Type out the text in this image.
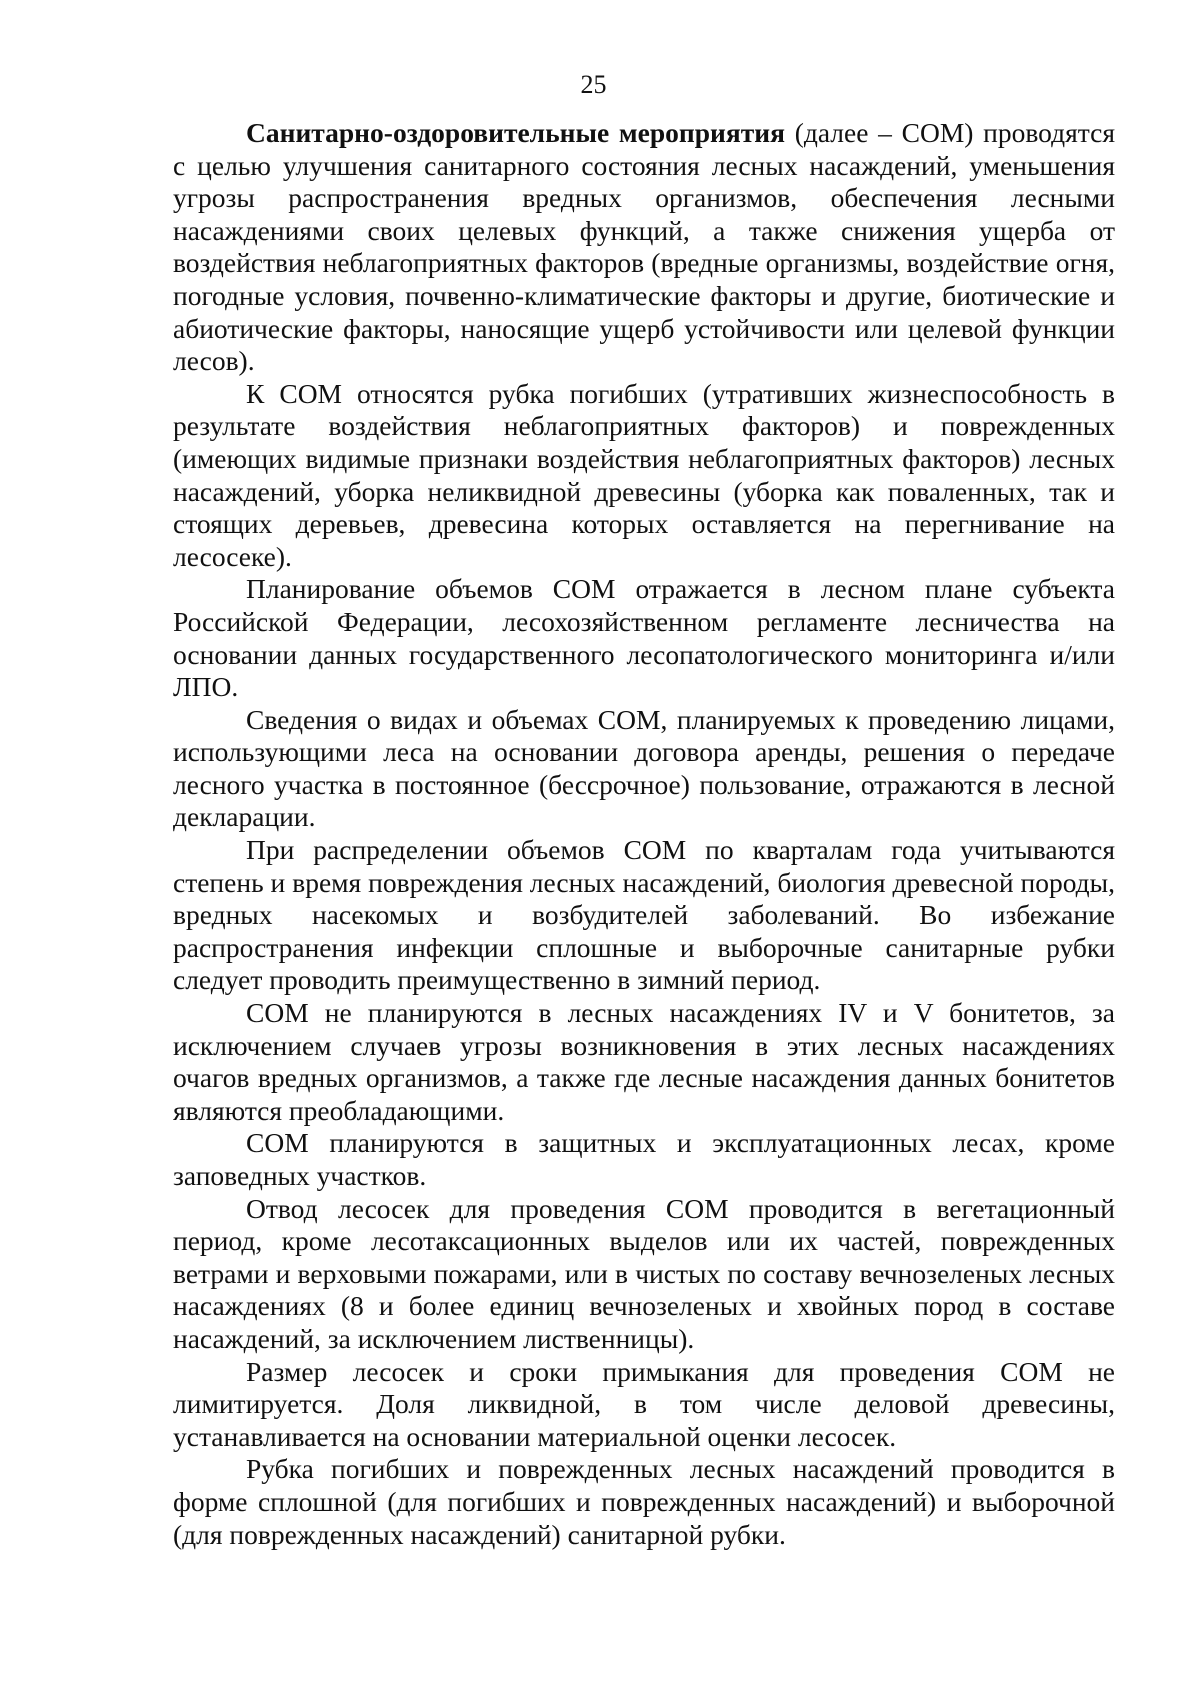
25

Санитарно-оздоровительные мероприятия (далее – СОМ) проводятся с целью улучшения санитарного состояния лесных насаждений, уменьшения угрозы распространения вредных организмов, обеспечения лесными насаждениями своих целевых функций, а также снижения ущерба от воздействия неблагоприятных факторов (вредные организмы, воздействие огня, погодные условия, почвенно-климатические факторы и другие, биотические и абиотические факторы, наносящие ущерб устойчивости или целевой функции лесов).

К СОМ относятся рубка погибших (утративших жизнеспособность в результате воздействия неблагоприятных факторов) и поврежденных (имеющих видимые признаки воздействия неблагоприятных факторов) лесных насаждений, уборка неликвидной древесины (уборка как поваленных, так и стоящих деревьев, древесина которых оставляется на перегнивание на лесосеке).

Планирование объемов СОМ отражается в лесном плане субъекта Российской Федерации, лесохозяйственном регламенте лесничества на основании данных государственного лесопатологического мониторинга и/или ЛПО.

Сведения о видах и объемах СОМ, планируемых к проведению лицами, использующими леса на основании договора аренды, решения о передаче лесного участка в постоянное (бессрочное) пользование, отражаются в лесной декларации.

При распределении объемов СОМ по кварталам года учитываются степень и время повреждения лесных насаждений, биология древесной породы, вредных насекомых и возбудителей заболеваний. Во избежание распространения инфекции сплошные и выборочные санитарные рубки следует проводить преимущественно в зимний период.

СОМ не планируются в лесных насаждениях IV и V бонитетов, за исключением случаев угрозы возникновения в этих лесных насаждениях очагов вредных организмов, а также где лесные насаждения данных бонитетов являются преобладающими.

СОМ планируются в защитных и эксплуатационных лесах, кроме заповедных участков.

Отвод лесосек для проведения СОМ проводится в вегетационный период, кроме лесотаксационных выделов или их частей, поврежденных ветрами и верховыми пожарами, или в чистых по составу вечнозеленых лесных насаждениях (8 и более единиц вечнозеленых и хвойных пород в составе насаждений, за исключением лиственницы).

Размер лесосек и сроки примыкания для проведения СОМ не лимитируется. Доля ликвидной, в том числе деловой древесины, устанавливается на основании материальной оценки лесосек.

Рубка погибших и поврежденных лесных насаждений проводится в форме сплошной (для погибших и поврежденных насаждений) и выборочной (для поврежденных насаждений) санитарной рубки.
